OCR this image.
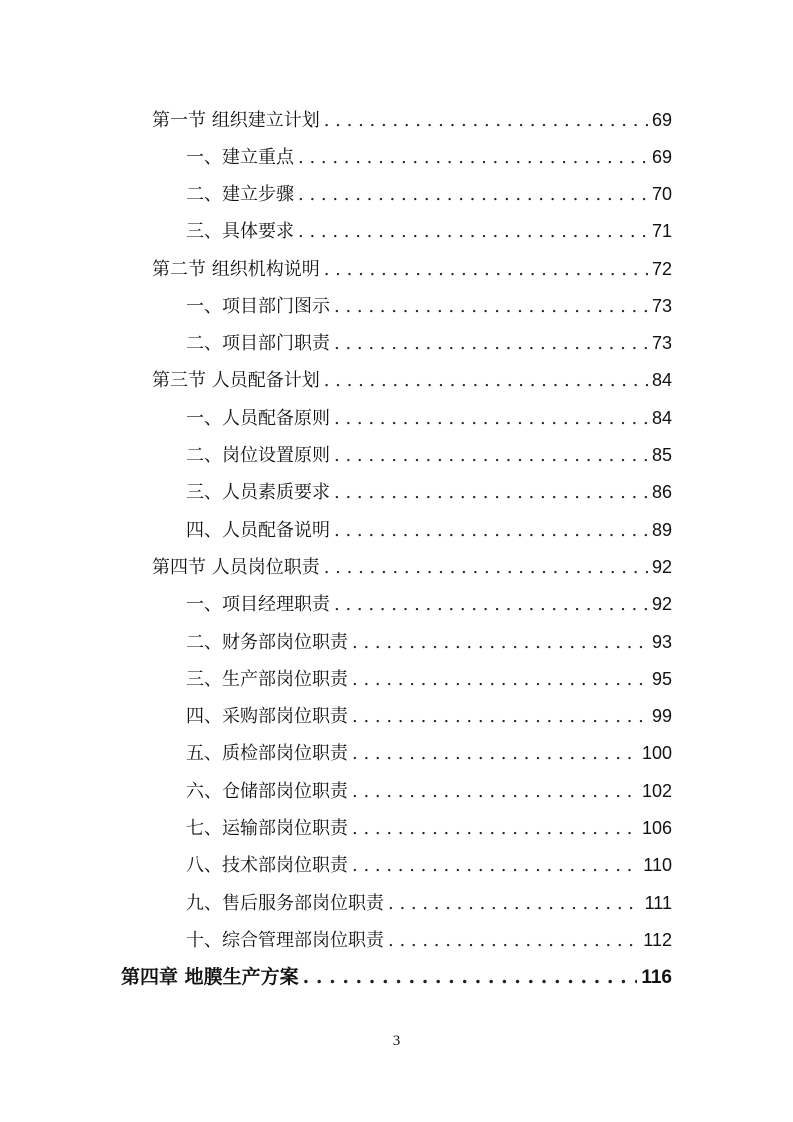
第一节 组织建立计划 . . .	69
一、建立重点 . . .	69
二、建立步骤 . . .	70
三、具体要求 . . .	71
第二节 组织机构说明 . . .	72
一、项目部门图示 . . .	73
二、项目部门职责 . . .	73
第三节 人员配备计划 . . .	84
一、人员配备原则 . . .	84
二、岗位设置原则 . . .	85
三、人员素质要求 . . .	86
四、人员配备说明 . . .	89
第四节 人员岗位职责 . . .	92
一、项目经理职责 . . .	92
二、财务部岗位职责 . . .	93
三、生产部岗位职责 . . .	95
四、采购部岗位职责 . . .	99
五、质检部岗位职责 . . .	100
六、仓储部岗位职责 . . .	102
七、运输部岗位职责 . . .	106
八、技术部岗位职责 . . .	110
九、售后服务部岗位职责 . . .	111
十、综合管理部岗位职责 . . .	112
第四章 地膜生产方案 . . .	116
3
